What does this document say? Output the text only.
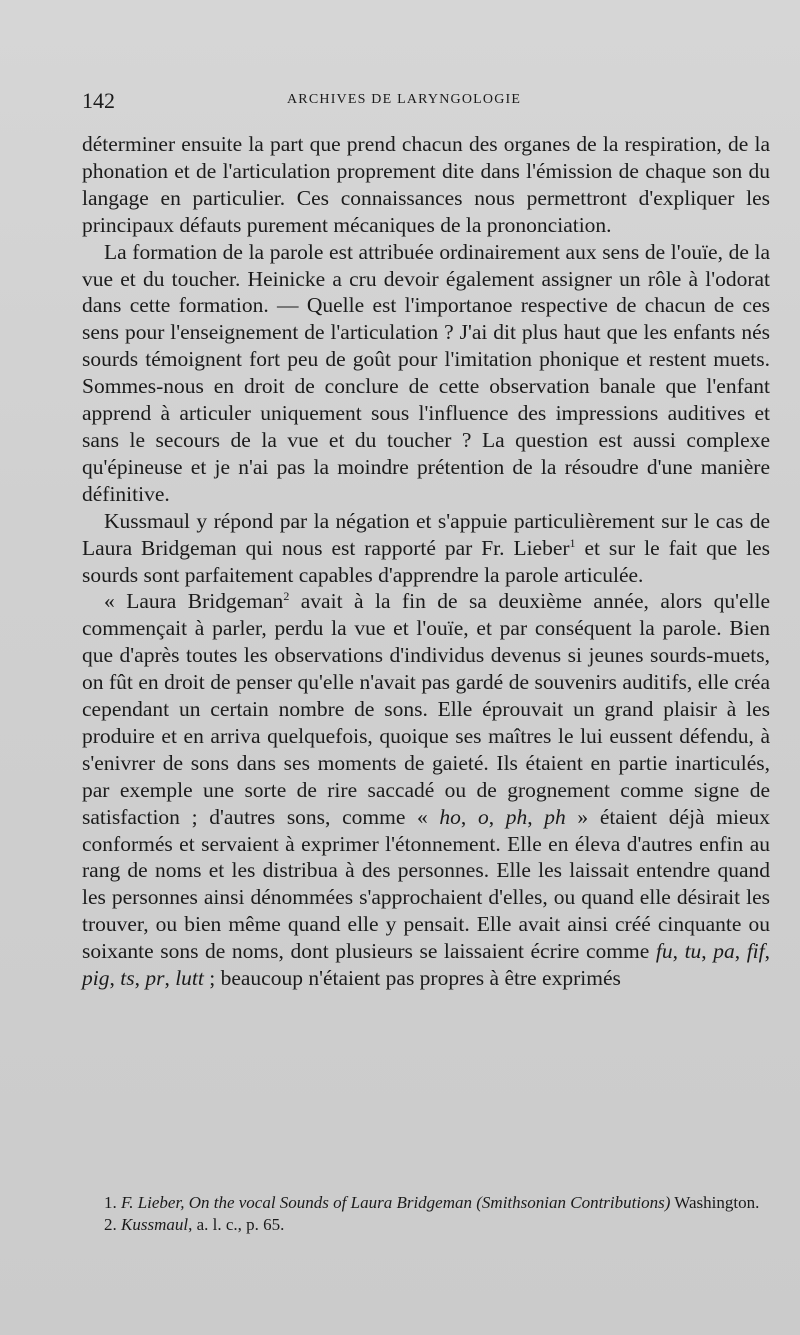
142	ARCHIVES DE LARYNGOLOGIE

déterminer ensuite la part que prend chacun des organes de la respiration, de la phonation et de l'articulation proprement dite dans l'émission de chaque son du langage en particulier. Ces connaissances nous permettront d'expliquer les principaux défauts purement mécaniques de la prononciation.

La formation de la parole est attribuée ordinairement aux sens de l'ouïe, de la vue et du toucher. Heinicke a cru devoir également assigner un rôle à l'odorat dans cette formation. — Quelle est l'importanoe respective de chacun de ces sens pour l'enseignement de l'articulation ? J'ai dit plus haut que les enfants nés sourds témoignent fort peu de goût pour l'imitation phonique et restent muets. Sommes-nous en droit de conclure de cette observation banale que l'enfant apprend à articuler uniquement sous l'influence des impressions auditives et sans le secours de la vue et du toucher ? La question est aussi complexe qu'épineuse et je n'ai pas la moindre prétention de la résoudre d'une manière définitive.

Kussmaul y répond par la négation et s'appuie particulièrement sur le cas de Laura Bridgeman qui nous est rapporté par Fr. Lieber$^1$ et sur le fait que les sourds sont parfaitement capables d'apprendre la parole articulée.

« Laura Bridgeman$^2$ avait à la fin de sa deuxième année, alors qu'elle commençait à parler, perdu la vue et l'ouïe, et par conséquent la parole. Bien que d'après toutes les observations d'individus devenus si jeunes sourds-muets, on fût en droit de penser qu'elle n'avait pas gardé de souvenirs auditifs, elle créa cependant un certain nombre de sons. Elle éprouvait un grand plaisir à les produire et en arriva quelquefois, quoique ses maîtres le lui eussent défendu, à s'enivrer de sons dans ses moments de gaieté. Ils étaient en partie inarticulés, par exemple une sorte de rire saccadé ou de grognement comme signe de satisfaction ; d'autres sons, comme « ho, o, ph, ph » étaient déjà mieux conformés et servaient à exprimer l'étonnement. Elle en éleva d'autres enfin au rang de noms et les distribua à des personnes. Elle les laissait entendre quand les personnes ainsi dénommées s'approchaient d'elles, ou quand elle désirait les trouver, ou bien même quand elle y pensait. Elle avait ainsi créé cinquante ou soixante sons de noms, dont plusieurs se laissaient écrire comme fu, tu, pa, fif, pig, ts, pr, lutt ; beaucoup n'étaient pas propres à être exprimés

1. F. Lieber, On the vocal Sounds of Laura Bridgeman (Smithsonian Contributions) Washington.

2. Kussmaul, a. l. c., p. 65.
